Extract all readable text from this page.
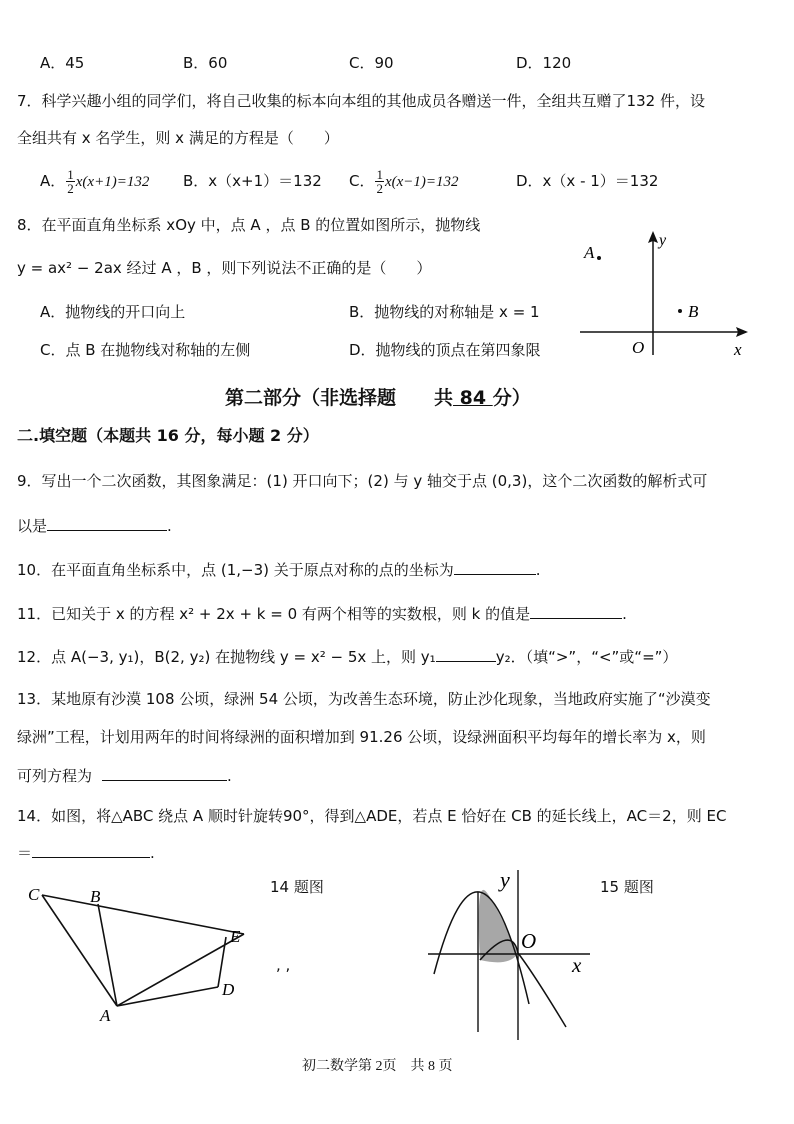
A．45	B．60	C．90	D．120
7．科学兴趣小组的同学们，将自己收集的标本向本组的其他成员各赠送一件，全组共互赠了132 件，设
全组共有 x 名学生，则 x 满足的方程是（　　）
A． $\frac{1}{2} x(x+1)=132$ B．x（x+1）＝132 C． $\frac{1}{2} x(x-1)=132$	D．x（x - 1）＝132
8．在平面直角坐标系 xOy 中，点 A ，点 B 的位置如图所示，抛物线
y = ax² − 2ax 经过 A ，B ，则下列说法不正确的是（　　）
A．抛物线的开口向上	B．抛物线的对称轴是 x = 1
C．点 B 在抛物线对称轴的左侧	D．抛物线的顶点在第四象限
A
B
O	x
y
第二部分（非选择题　　共 84 分）
二.填空题（本题共 16 分，每小题 2 分）
9．写出一个二次函数，其图象满足：(1) 开口向下；(2) 与 y 轴交于点 (0,3)，这个二次函数的解析式可
以是	.
10．在平面直角坐标系中，点 (1,−3) 关于原点对称的点的坐标为	.
11．已知关于 x 的方程 x² + 2x + k = 0 有两个相等的实数根，则 k 的值是	.
12．点 A(−3, y₁)，B(2, y₂) 在抛物线 y = x² − 5x 上，则 y₁	y₂．（填“>”，“<”或“=”）
13．某地原有沙漠 108 公顷，绿洲 54 公顷，为改善生态环境，防止沙化现象，当地政府实施了“沙漠变
绿洲”工程，计划用两年的时间将绿洲的面积增加到 91.26 公顷，设绿洲面积平均每年的增长率为 x，则
可列方程为	.
14．如图，将△ABC 绕点 A 顺时针旋转90°，得到△ADE，若点 E 恰好在 CB 的延长线上，AC＝2，则 EC
＝	.
14 题图	15 题图
, ,
C	B
E
D
A
y
O
x
初二数学第 2页　共 8 页
